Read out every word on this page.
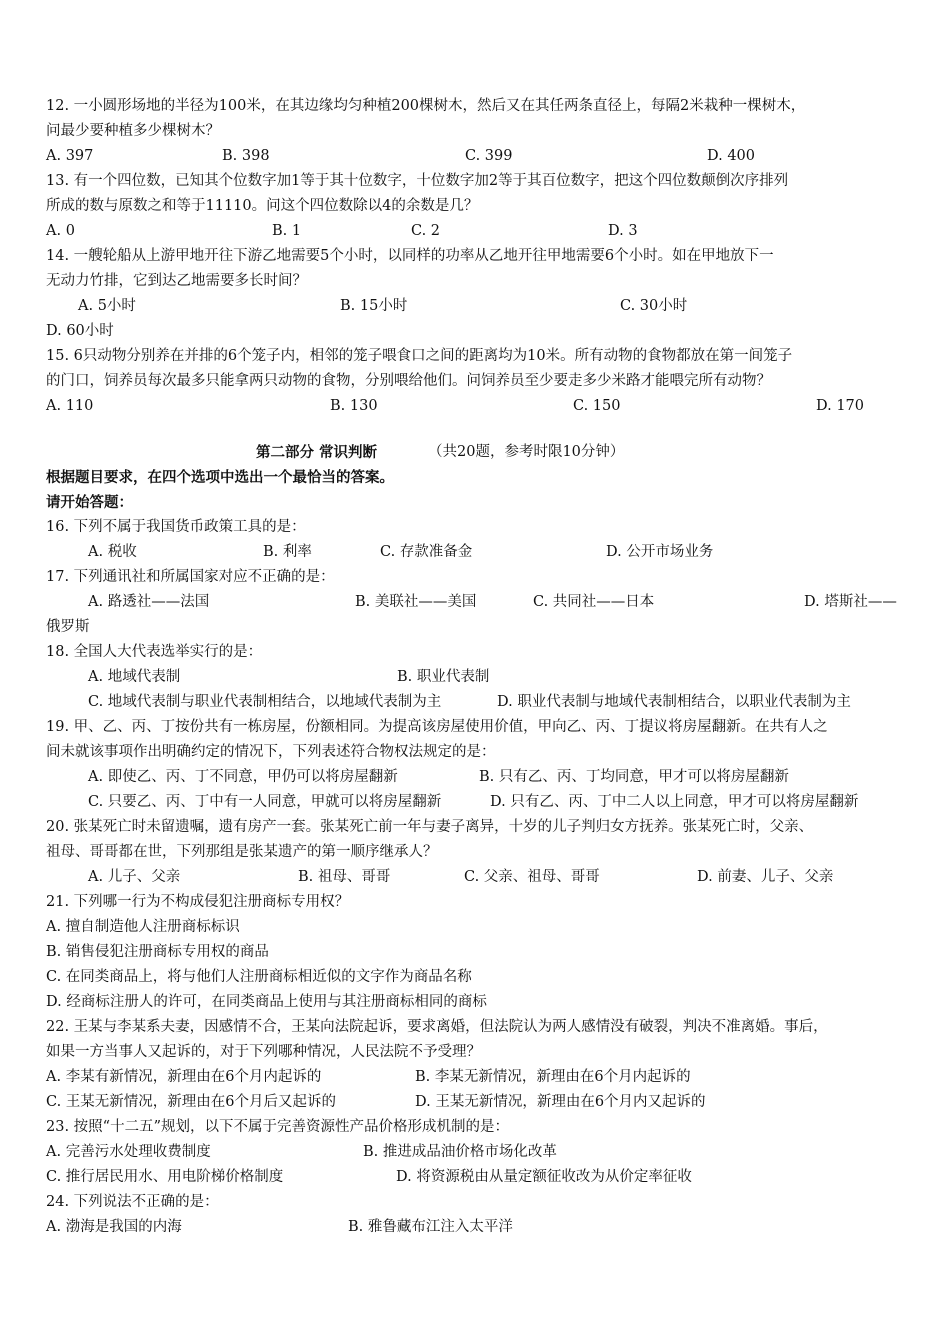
12. 一小圆形场地的半径为100米，在其边缘均匀种植200棵树木，然后又在其任两条直径上，每隔2米栽种一棵树木，
问最少要种植多少棵树木？
A. 397	B. 398	C. 399	D. 400
13. 有一个四位数，已知其个位数字加1等于其十位数字，十位数字加2等于其百位数字，把这个四位数颠倒次序排列
所成的数与原数之和等于11110。问这个四位数除以4的余数是几？
A. 0	B. 1	C. 2	D. 3
14. 一艘轮船从上游甲地开往下游乙地需要5个小时，以同样的功率从乙地开往甲地需要6个小时。如在甲地放下一
无动力竹排，它到达乙地需要多长时间？
A. 5小时	B. 15小时	C. 30小时
D. 60小时
15. 6只动物分别养在并排的6个笼子内，相邻的笼子喂食口之间的距离均为10米。所有动物的食物都放在第一间笼子
的门口，饲养员每次最多只能拿两只动物的食物，分别喂给他们。问饲养员至少要走多少米路才能喂完所有动物？
A. 110	B. 130	C. 150	D. 170
第二部分 常识判断	（共20题，参考时限10分钟）
根据题目要求，在四个选项中选出一个最恰当的答案。
请开始答题：
16. 下列不属于我国货币政策工具的是：
A. 税收	B. 利率	C. 存款准备金	D. 公开市场业务
17. 下列通讯社和所属国家对应不正确的是：
A. 路透社——法国	B. 美联社——美国	C. 共同社——日本	D. 塔斯社——
俄罗斯
18. 全国人大代表选举实行的是：
A. 地域代表制	B. 职业代表制
C. 地域代表制与职业代表制相结合，以地域代表制为主	D. 职业代表制与地域代表制相结合，以职业代表制为主
19. 甲、乙、丙、丁按份共有一栋房屋，份额相同。为提高该房屋使用价值，甲向乙、丙、丁提议将房屋翻新。在共有人之
间未就该事项作出明确约定的情况下，下列表述符合物权法规定的是：
A. 即使乙、丙、丁不同意，甲仍可以将房屋翻新	B. 只有乙、丙、丁均同意，甲才可以将房屋翻新
C. 只要乙、丙、丁中有一人同意，甲就可以将房屋翻新	D. 只有乙、丙、丁中二人以上同意，甲才可以将房屋翻新
20. 张某死亡时未留遗嘱，遗有房产一套。张某死亡前一年与妻子离异，十岁的儿子判归女方抚养。张某死亡时，父亲、
祖母、哥哥都在世，下列那组是张某遗产的第一顺序继承人？
A. 儿子、父亲	B. 祖母、哥哥	C. 父亲、祖母、哥哥	D. 前妻、儿子、父亲
21. 下列哪一行为不构成侵犯注册商标专用权？
A. 擅自制造他人注册商标标识
B. 销售侵犯注册商标专用权的商品
C. 在同类商品上，将与他们人注册商标相近似的文字作为商品名称
D. 经商标注册人的许可，在同类商品上使用与其注册商标相同的商标
22. 王某与李某系夫妻，因感情不合，王某向法院起诉，要求离婚，但法院认为两人感情没有破裂，判决不准离婚。事后，
如果一方当事人又起诉的，对于下列哪种情况，人民法院不予受理？
A. 李某有新情况，新理由在6个月内起诉的	B. 李某无新情况，新理由在6个月内起诉的
C. 王某无新情况，新理由在6个月后又起诉的	D. 王某无新情况，新理由在6个月内又起诉的
23. 按照“十二五”规划，以下不属于完善资源性产品价格形成机制的是：
A. 完善污水处理收费制度	B. 推进成品油价格市场化改革
C. 推行居民用水、用电阶梯价格制度	D. 将资源税由从量定额征收改为从价定率征收
24. 下列说法不正确的是：
A. 渤海是我国的内海	B. 雅鲁藏布江注入太平洋
